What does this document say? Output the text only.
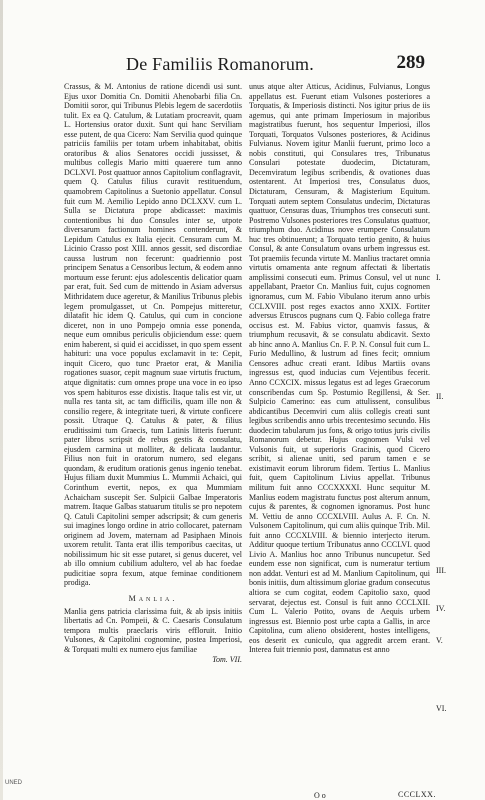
De Familiis Romanorum.	289

Crassus, & M. Antonius de ratione dicendi usi sunt. Ejus uxor Domitia Cn. Domitii Ahenobarbi filia Cn. Domitii soror, qui Tribunus Plebis legem de sacerdotiis tulit. Ex ea Q. Catulum, & Lutatiam procreavit, quam L. Hortensius orator duxit. Sunt qui hanc Serviliam esse putent, de qua Cicero: Nam Servilia quod quinque patriciis familiis per totam urbem inhabitabat, obitis oratoribus & alios Senatores occidi jussisset, & multibus collegis Mario mitti quaerere tum anno DCLXVI. Post quattuor annos Capitolium conflagravit, quem Q. Catulus filius curavit restituendum, quamobrem Capitolinus a Suetonio appellatur. Consul fuit cum M. Aemilio Lepido anno DCLXXV. cum L. Sulla se Dictatura prope abdicasset: maximis contentionibus hi duo Consules inter se, utpote diversarum factionum homines contenderunt, & Lepidum Catulus ex Italia ejecit. Censuram cum M. Licinio Crasso post XIII. annos gessit, sed discordiae caussa lustrum non fecerunt: quadriennio post principem Senatus a Censoribus lectum, & eodem anno mortuum esse ferunt: ejus adolescentis delicatior quam par erat, fuit. Sed cum de mittendo in Asiam adversus Mithridatem duce ageretur, & Manilius Tribunus plebis legem promulgasset, ut Cn. Pompejus mitteretur, dilatafit hic idem Q. Catulus, qui cum in concione diceret, non in uno Pompejo omnia esse ponenda, neque eum omnibus periculis objiciendum esse: quem enim haberent, si quid ei accidisset, in quo spem essent habituri: una voce populus exclamavit in te: Cepit, inquit Cicero, quo tunc Praetor erat, & Manilia rogationes suasor, cepit magnum suae virtutis fructum, atque dignitatis: cum omnes prope una voce in eo ipso vos spem habituros esse dixistis. Itaque talis est vir, ut nulla res tanta sit, ac tam difficilis, quam ille non & consilio regere, & integritate tueri, & virtute conficere possit. Utraque Q. Catulus & pater, & filius eruditissimi tum Graecis, tum Latinis litteris fuerunt: pater libros scripsit de rebus gestis & consulatu, ejusdem carmina ut molliter, & delicata laudantur. Filius non fuit in oratorum numero, sed elegans quondam, & eruditum orationis genus ingenio tenebat. Hujus filiam duxit Mummius L. Mummii Achaici, qui Corinthum evertit, nepos, ex qua Mummiam Achaicham suscepit Ser. Sulpicii Galbae Imperatoris matrem. Itaque Galbas statuarum titulis se pro nepotem Q. Catuli Capitolini semper adscripsit; & cum generis sui imagines longo ordine in atrio collocaret, paternam originem ad Jovem, maternam ad Pasiphaen Minois uxorem retulit. Tanta erat illis temporibus caecitas, ut nobilissimum hic sit esse putaret, si genus duceret, vel ab illo omnium cubilium adultero, vel ab hac foedae pudicitiae sopra fexum, atque feminae conditionem prodiga.

Manlia.

Manlia gens patricia clarissima fuit, & ab ipsis initiis libertatis ad Cn. Pompeii, & C. Caesaris Consulatum tempora multis praeclaris viris effloruit. Initio Vulsones, & Capitolini cognomine, postea Imperiosi, & Torquati multi ex numero ejus familiae

Tom. VII.

unus atque alter Atticus, Acidinus, Fulvianus, Longus appellatus est. Fuerunt etiam Vulsones posteriores a Torquatis, & Imperiosis distincti. Nos igitur prius de iis agemus, qui ante primam Imperiosum in majoribus magistratibus fuerunt, hos sequentur Imperiosi, illos Torquati, Torquatos Vulsones posteriores, & Acidinus Fulvianus. Novem igitur Manlii fuerunt, primo loco a nobis constituti, qui Consulares tres, Tribunatus Consulari potestate duodecim, Dictaturam, Decemviratum legibus scribendis, & ovationes duas ostentarent. At Imperiosi tres, Consulatus duos, Dictaturam, Censuram, & Magisterium Equitum. Torquati autem septem Consulatus undecim, Dictaturas quattuor, Censuras duas, Triumphos tres consecuti sunt. Postremo Vulsones posteriores tres Consulatus quattuor, triumphum duo. Acidinus nove erumpere Consulatum huc tres obtinuerunt; a Torquato tertio genito, & huius Consul, & ante Consulatum ovans urbem ingressus est. Tot praemiis fecunda virtute M. Manlius tractaret omnia virtutis ornamenta ante regnum affectati & libertatis amplissimi consecuti eum. Primus Consul, vel ut nunc appellabant, Praetor Cn. Manlius fuit, cujus cognomen ignoramus, cum M. Fabio Vibulano iterum anno urbis CCLXVIII. post reges exactos anno XXIX. Fortiter adversus Etruscos pugnans cum Q. Fabio collega fratre occisus est. M. Fabius victor, quamvis fassus, & triumphum recusavit, & se consulatu abdicavit. Sexto ab hinc anno A. Manlius Cn. F. P. N. Consul fuit cum L. Furio Medullino, & lustrum ad fines fecit; omnium Censores adhuc creati erant. Idibus Martiis ovans ingressus est, quod inducias cum Vejentibus fecerit. Anno CCXCIX. missus legatus est ad leges Graecorum conscribendas cum Sp. Postumio Regillensi, & Ser. Sulpicio Camerino: eas cum attulissent, consulibus abdicantibus Decemviri cum aliis collegis creati sunt legibus scribendis anno urbis trecentesimo secundo. His duodecim tabularum jus fons, & origo totius juris civilis Romanorum debetur. Hujus cognomen Vulsi vel Vulsonis fuit, ut superioris Gracinis, quod Cicero scribit, si alienae uniti, sed parum tamen e se existimavit eorum librorum fidem. Tertius L. Manlius fuit, quem Capitolinum Livius appellat. Tribunus militum fuit anno CCCXXXXI. Hunc sequitur M. Manlius eodem magistratu functus post alterum annum, cujus & parentes, & cognomen ignoramus. Post hunc M. Vettiu de anno CCCXLVIII. Aulus A. F. Cn. N. Vulsonem Capitolinum, qui cum aliis quinque Trib. Mil. fuit anno CCCXLVIII. & biennio interjecto iterum. Additur quoque tertium Tribunatus anno CCCLVI. quod Livio A. Manlius hoc anno Tribunus nuncupetur. Sed eundem esse non significat, cum is numeratur tertium non addat. Venturi est ad M. Manlium Capitolinum, qui bonis initiis, dum altissimum gloriae gradum consecutus altiora se cum cogitat, eodem Capitolio saxo, quod servarat, dejectus est. Consul is fuit anno CCCLXII. Cum L. Valerio Potito, ovans de Aequis urbem ingressus est. Biennio post urbe capta a Gallis, in arce Capitolina, cum alieno obsiderent, hostes intelligens, eos deserit ex cuniculo, qua aggredit arcem erant. Interea fuit triennio post, damnatus est anno

I.
II.
III.
IV.
V.
VI.
O o	CCCLXX.
UNED
